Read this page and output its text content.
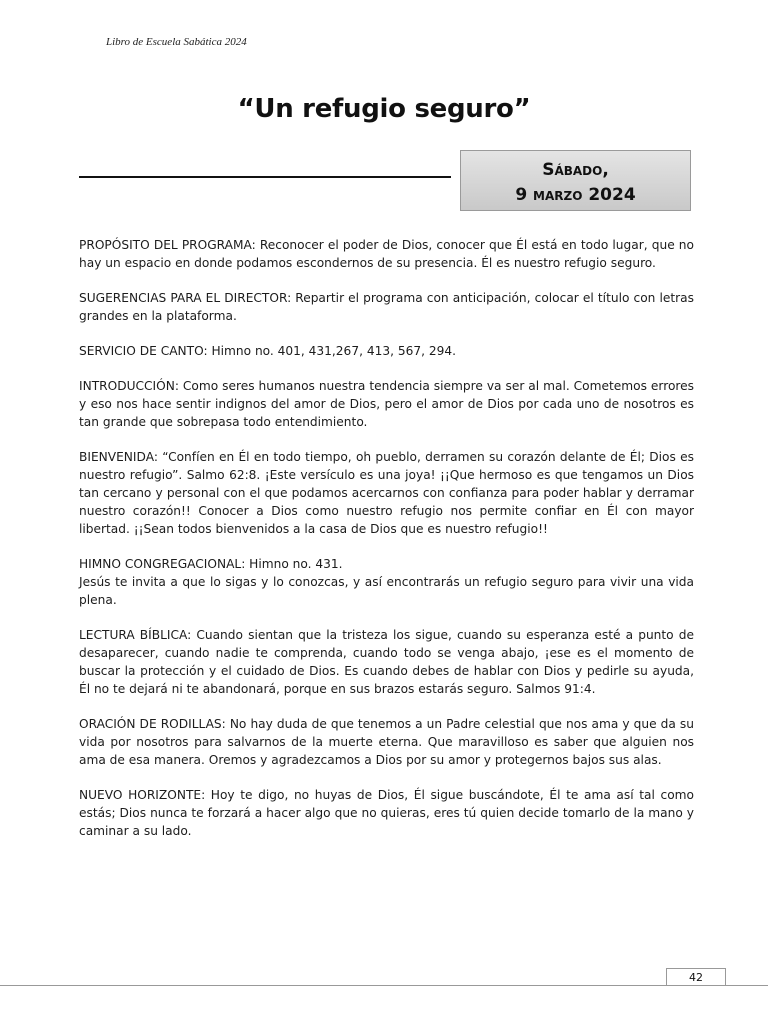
Libro de Escuela Sabática 2024
“Un refugio seguro”
Sábado,
9 marzo 2024

PROPÓSITO DEL PROGRAMA: Reconocer el poder de Dios, conocer que Él está en todo lugar, que no hay un espacio en donde podamos escondernos de su presencia. Él es nuestro refugio seguro.

SUGERENCIAS PARA EL DIRECTOR: Repartir el programa con anticipación, colocar el título con letras grandes en la plataforma.

SERVICIO DE CANTO: Himno no. 401, 431,267, 413, 567, 294.

INTRODUCCIÓN: Como seres humanos nuestra tendencia siempre va ser al mal. Cometemos errores y eso nos hace sentir indignos del amor de Dios, pero el amor de Dios por cada uno de nosotros es tan grande que sobrepasa todo entendimiento.

BIENVENIDA: “Confíen en Él en todo tiempo, oh pueblo, derramen su corazón delante de Él; Dios es nuestro refugio”. Salmo 62:8. ¡Este versículo es una joya! ¡¡Que hermoso es que tengamos un Dios tan cercano y personal con el que podamos acercarnos con confianza para poder hablar y derramar nuestro corazón!! Conocer a Dios como nuestro refugio nos permite confiar en Él con mayor libertad. ¡¡Sean todos bienvenidos a la casa de Dios que es nuestro refugio!!

HIMNO CONGREGACIONAL: Himno no. 431.
Jesús te invita a que lo sigas y lo conozcas, y así encontrarás un refugio seguro para vivir una vida plena.

LECTURA BÍBLICA: Cuando sientan que la tristeza los sigue, cuando su esperanza esté a punto de desaparecer, cuando nadie te comprenda, cuando todo se venga abajo, ¡ese es el momento de buscar la protección y el cuidado de Dios. Es cuando debes de hablar con Dios y pedirle su ayuda, Él no te dejará ni te abandonará, porque en sus brazos estarás seguro. Salmos 91:4.

ORACIÓN DE RODILLAS: No hay duda de que tenemos a un Padre celestial que nos ama y que da su vida por nosotros para salvarnos de la muerte eterna. Que maravilloso es saber que alguien nos ama de esa manera. Oremos y agradezcamos a Dios por su amor y protegernos bajos sus alas.

NUEVO HORIZONTE: Hoy te digo, no huyas de Dios, Él sigue buscándote, Él te ama así tal como estás; Dios nunca te forzará a hacer algo que no quieras, eres tú quien decide tomarlo de la mano y caminar a su lado.

42
